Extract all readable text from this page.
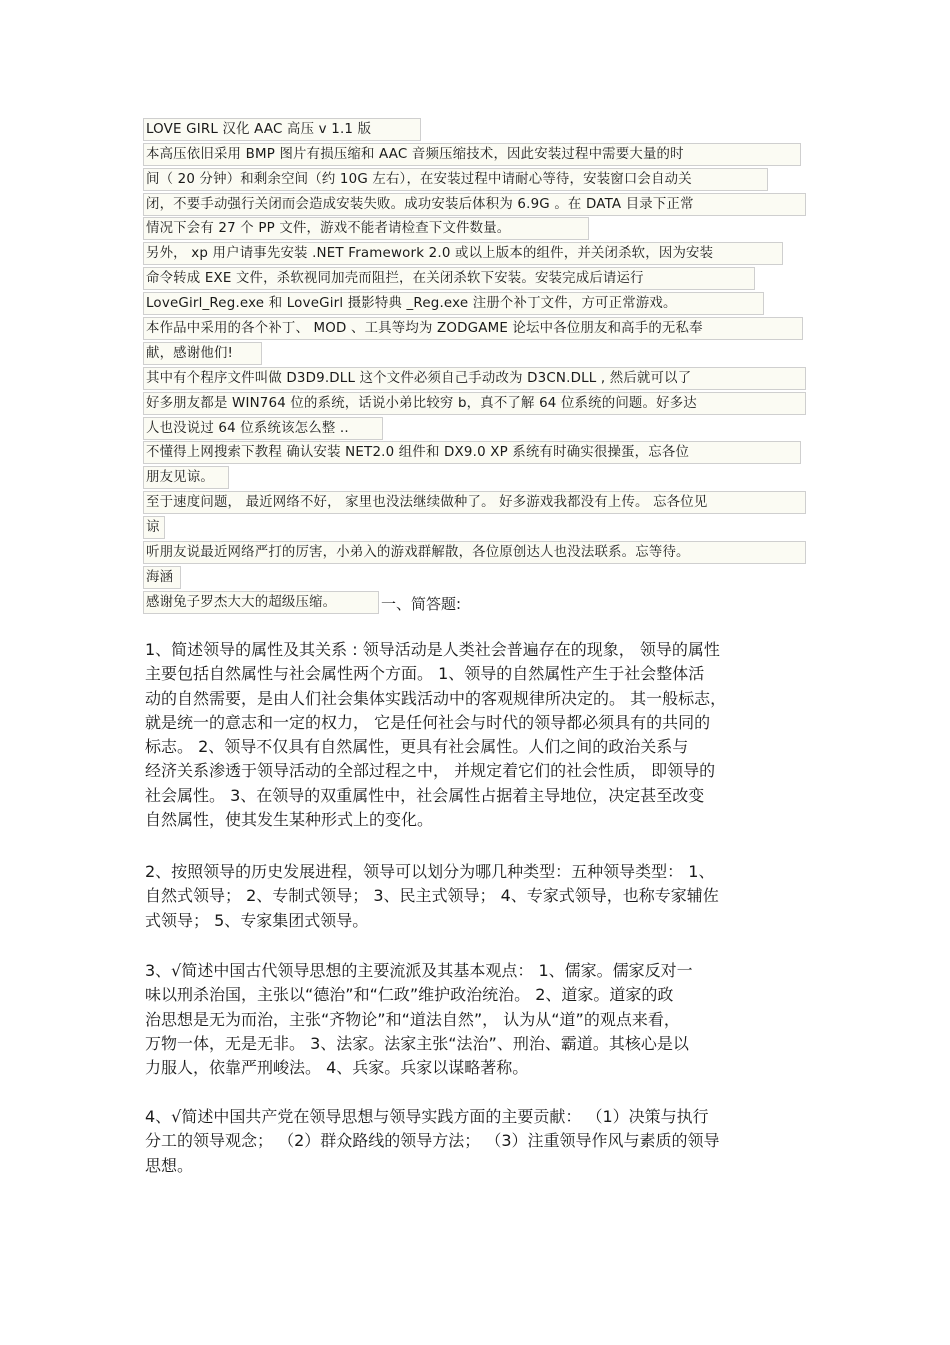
LOVE GIRL 汉化 AAC 高压 v 1.1 版
本高压依旧采用 BMP 图片有损压缩和 AAC 音频压缩技术，因此安装过程中需要大量的时
间（ 20 分钟）和剩余空间（约 10G 左右），在安装过程中请耐心等待，安装窗口会自动关
闭，不要手动强行关闭而会造成安装失败。成功安装后体积为 6.9G 。在 DATA 目录下正常
情况下会有 27 个 PP 文件，游戏不能者请检查下文件数量。
另外， xp 用户请事先安装 .NET Framework 2.0 或以上版本的组件，并关闭杀软，因为安装
命令转成 EXE 文件，杀软视同加壳而阻拦，在关闭杀软下安装。安装完成后请运行
LoveGirl_Reg.exe 和 LoveGirl 摄影特典 _Reg.exe 注册个补丁文件，方可正常游戏。
本作品中采用的各个补丁、 MOD 、工具等均为 ZODGAME 论坛中各位朋友和高手的无私奉
献，感谢他们!
其中有个程序文件叫做 D3D9.DLL 这个文件必须自己手动改为 D3CN.DLL , 然后就可以了
好多朋友都是 WIN764 位的系统，话说小弟比较穷 b，真不了解 64 位系统的问题。好多达
人也没说过 64 位系统该怎么整 ..
不懂得上网搜索下教程 确认安装 NET2.0 组件和 DX9.0 XP 系统有时确实很操蛋，忘各位
朋友见谅。
至于速度问题， 最近网络不好， 家里也没法继续做种了。 好多游戏我都没有上传。 忘各位见
谅
听朋友说最近网络严打的厉害，小弟入的游戏群解散，各位原创达人也没法联系。忘等待。
海涵
感谢兔子罗杰大大的超级压缩。	一、简答题:

1、简述领导的属性及其关系 : 领导活动是人类社会普遍存在的现象， 领导的属性
主要包括自然属性与社会属性两个方面。 1、领导的自然属性产生于社会整体活
动的自然需要，是由人们社会集体实践活动中的客观规律所决定的。 其一般标志，
就是统一的意志和一定的权力， 它是任何社会与时代的领导都必须具有的共同的
标志。 2、领导不仅具有自然属性，更具有社会属性。人们之间的政治关系与
经济关系渗透于领导活动的全部过程之中， 并规定着它们的社会性质， 即领导的
社会属性。 3、在领导的双重属性中，社会属性占据着主导地位，决定甚至改变
自然属性，使其发生某种形式上的变化。

2、按照领导的历史发展进程，领导可以划分为哪几种类型：五种领导类型： 1、
自然式领导； 2、专制式领导； 3、民主式领导； 4、专家式领导，也称专家辅佐
式领导； 5、专家集团式领导。

3、√简述中国古代领导思想的主要流派及其基本观点： 1、儒家。儒家反对一
味以刑杀治国，主张以“德治”和“仁政”维护政治统治。 2、道家。道家的政
治思想是无为而治，主张“齐物论”和“道法自然”， 认为从“道”的观点来看，
万物一体，无是无非。 3、法家。法家主张“法治”、刑治、霸道。其核心是以
力服人，依靠严刑峻法。 4、兵家。兵家以谋略著称。

4、√简述中国共产党在领导思想与领导实践方面的主要贡献： （1）决策与执行
分工的领导观念； （2）群众路线的领导方法； （3）注重领导作风与素质的领导
思想。
